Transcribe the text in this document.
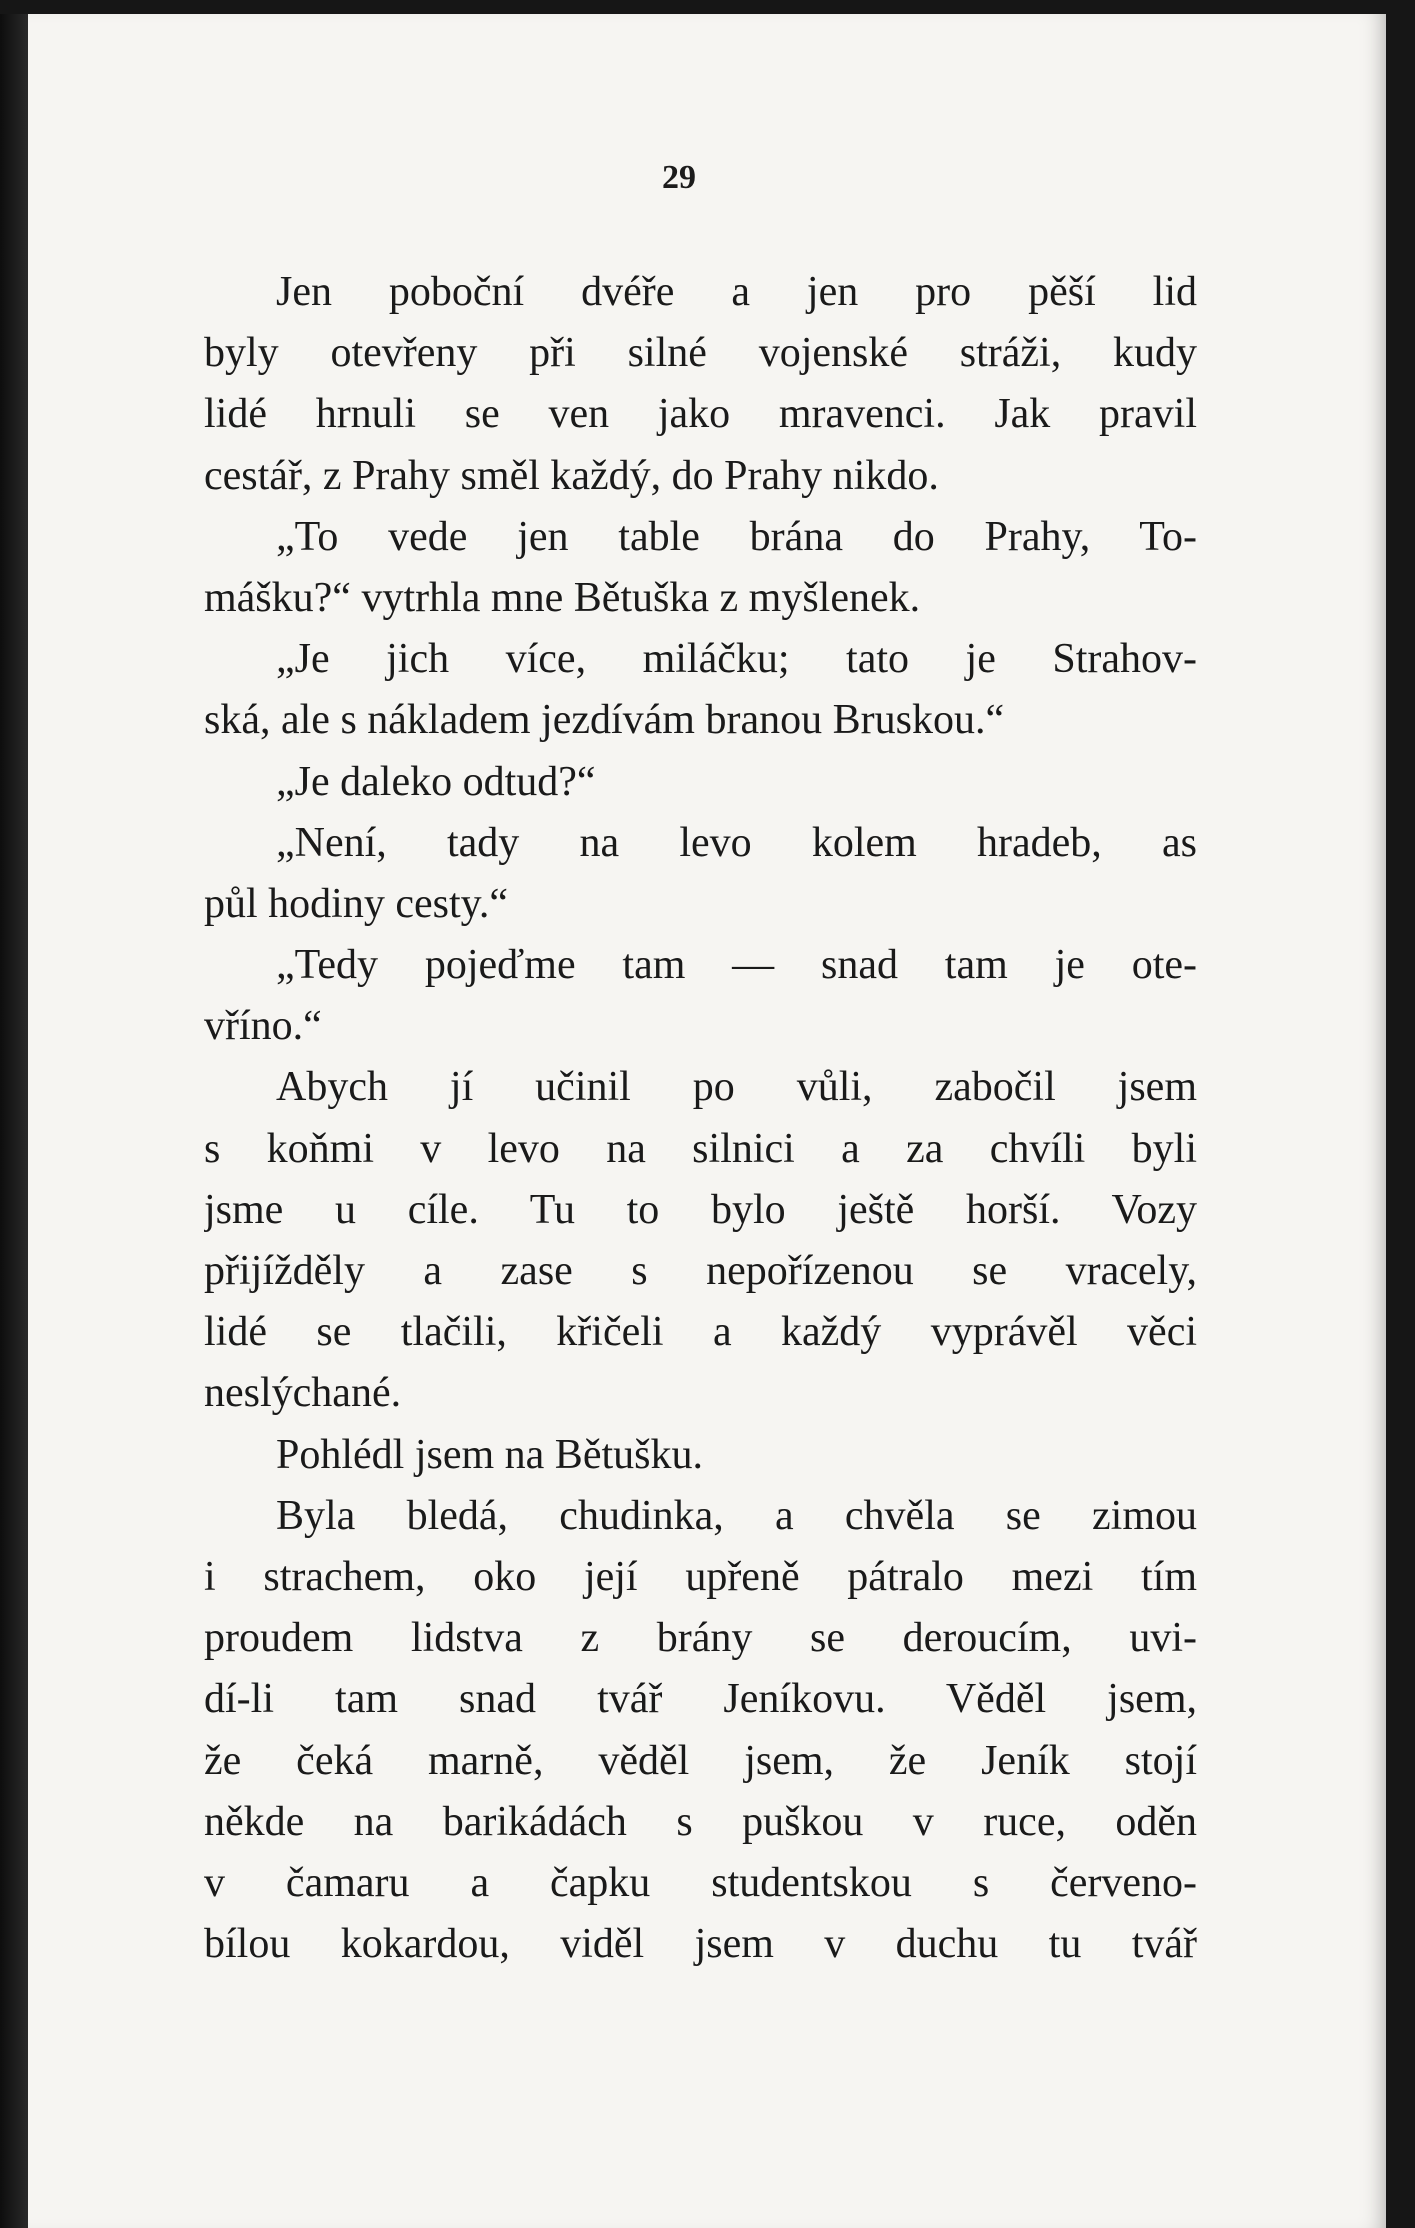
29
Jen poboční dvéře a jen pro pěší lid
byly otevřeny při silné vojenské stráži, kudy
lidé hrnuli se ven jako mravenci. Jak pravil
cestář, z Prahy směl každý, do Prahy nikdo.
„To vede jen table brána do Prahy, To-
mášku?“ vytrhla mne Bětuška z myšlenek.
„Je jich více, miláčku; tato je Strahov-
ská, ale s nákladem jezdívám branou Bruskou.“
„Je daleko odtud?“
„Není, tady na levo kolem hradeb, as
půl hodiny cesty.“
„Tedy pojeďme tam — snad tam je ote-
vříno.“
Abych jí učinil po vůli, zabočil jsem
s koňmi v levo na silnici a za chvíli byli
jsme u cíle. Tu to bylo ještě horší. Vozy
přijížděly a zase s nepořízenou se vracely,
lidé se tlačili, křičeli a každý vyprávěl věci
neslýchané.
Pohlédl jsem na Bětušku.
Byla bledá, chudinka, a chvěla se zimou
i strachem, oko její upřeně pátralo mezi tím
proudem lidstva z brány se deroucím, uvi-
dí-li tam snad tvář Jeníkovu. Věděl jsem,
že čeká marně, věděl jsem, že Jeník stojí
někde na barikádách s puškou v ruce, oděn
v čamaru a čapku studentskou s červeno-
bílou kokardou, viděl jsem v duchu tu tvář
